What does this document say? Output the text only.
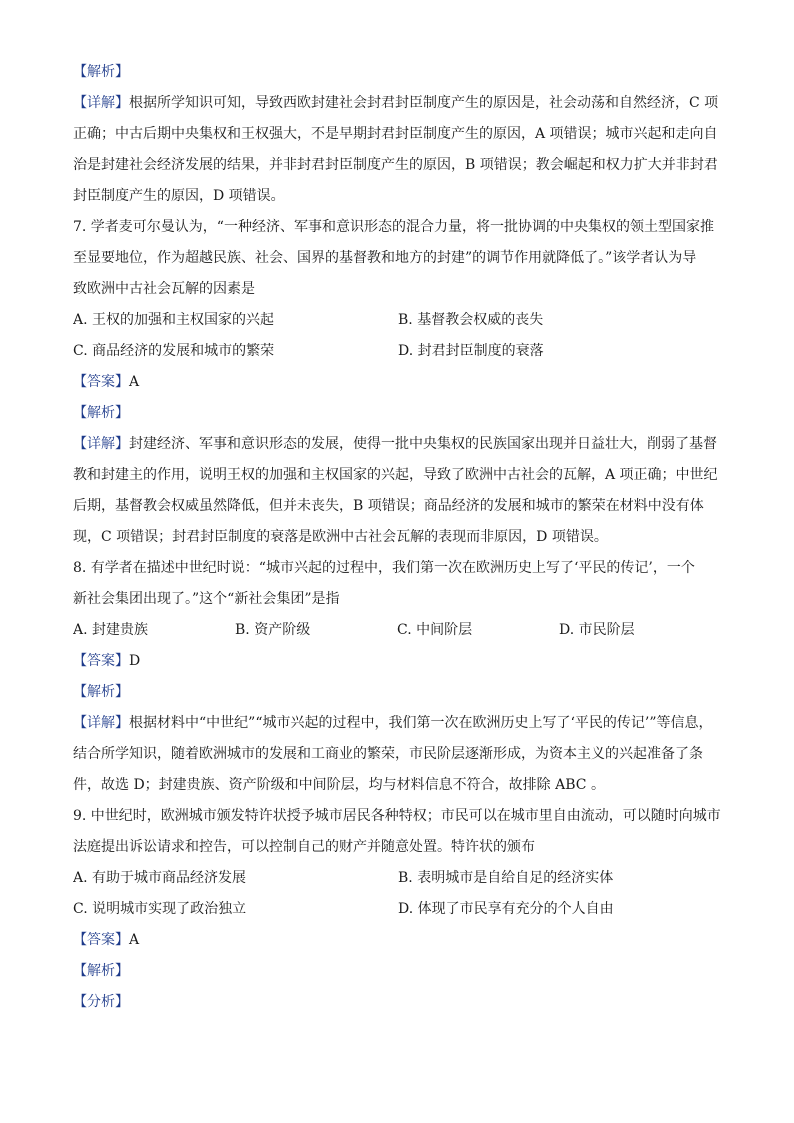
【解析】
【详解】根据所学知识可知，导致西欧封建社会封君封臣制度产生的原因是，社会动荡和自然经济，C 项
正确；中古后期中央集权和王权强大，不是早期封君封臣制度产生的原因，A 项错误；城市兴起和走向自
治是封建社会经济发展的结果，并非封君封臣制度产生的原因，B 项错误；教会崛起和权力扩大并非封君
封臣制度产生的原因，D 项错误。
7. 学者麦可尔曼认为，“一种经济、军事和意识形态的混合力量，将一批协调的中央集权的领土型国家推
至显要地位，作为超越民族、社会、国界的基督教和地方的封建”的调节作用就降低了。”该学者认为导
致欧洲中古社会瓦解的因素是
A. 王权的加强和主权国家的兴起	B. 基督教会权威的丧失
C. 商品经济的发展和城市的繁荣	D. 封君封臣制度的衰落
【答案】A
【解析】
【详解】封建经济、军事和意识形态的发展，使得一批中央集权的民族国家出现并日益壮大，削弱了基督
教和封建主的作用，说明王权的加强和主权国家的兴起，导致了欧洲中古社会的瓦解，A 项正确；中世纪
后期，基督教会权威虽然降低，但并未丧失，B 项错误；商品经济的发展和城市的繁荣在材料中没有体
现，C 项错误；封君封臣制度的衰落是欧洲中古社会瓦解的表现而非原因，D 项错误。
8. 有学者在描述中世纪时说：“城市兴起的过程中，我们第一次在欧洲历史上写了‘平民的传记’，一个
新社会集团出现了。”这个“新社会集团”是指
A. 封建贵族	B. 资产阶级	C. 中间阶层	D. 市民阶层
【答案】D
【解析】
【详解】根据材料中“中世纪”“城市兴起的过程中，我们第一次在欧洲历史上写了‘平民的传记’”等信息，
结合所学知识，随着欧洲城市的发展和工商业的繁荣，市民阶层逐渐形成，为资本主义的兴起准备了条
件，故选 D；封建贵族、资产阶级和中间阶层，均与材料信息不符合，故排除 ABC 。
9. 中世纪时，欧洲城市颁发特许状授予城市居民各种特权；市民可以在城市里自由流动，可以随时向城市
法庭提出诉讼请求和控告，可以控制自己的财产并随意处置。特许状的颁布
A. 有助于城市商品经济发展	B. 表明城市是自给自足的经济实体
C. 说明城市实现了政治独立	D. 体现了市民享有充分的个人自由
【答案】A
【解析】
【分析】
